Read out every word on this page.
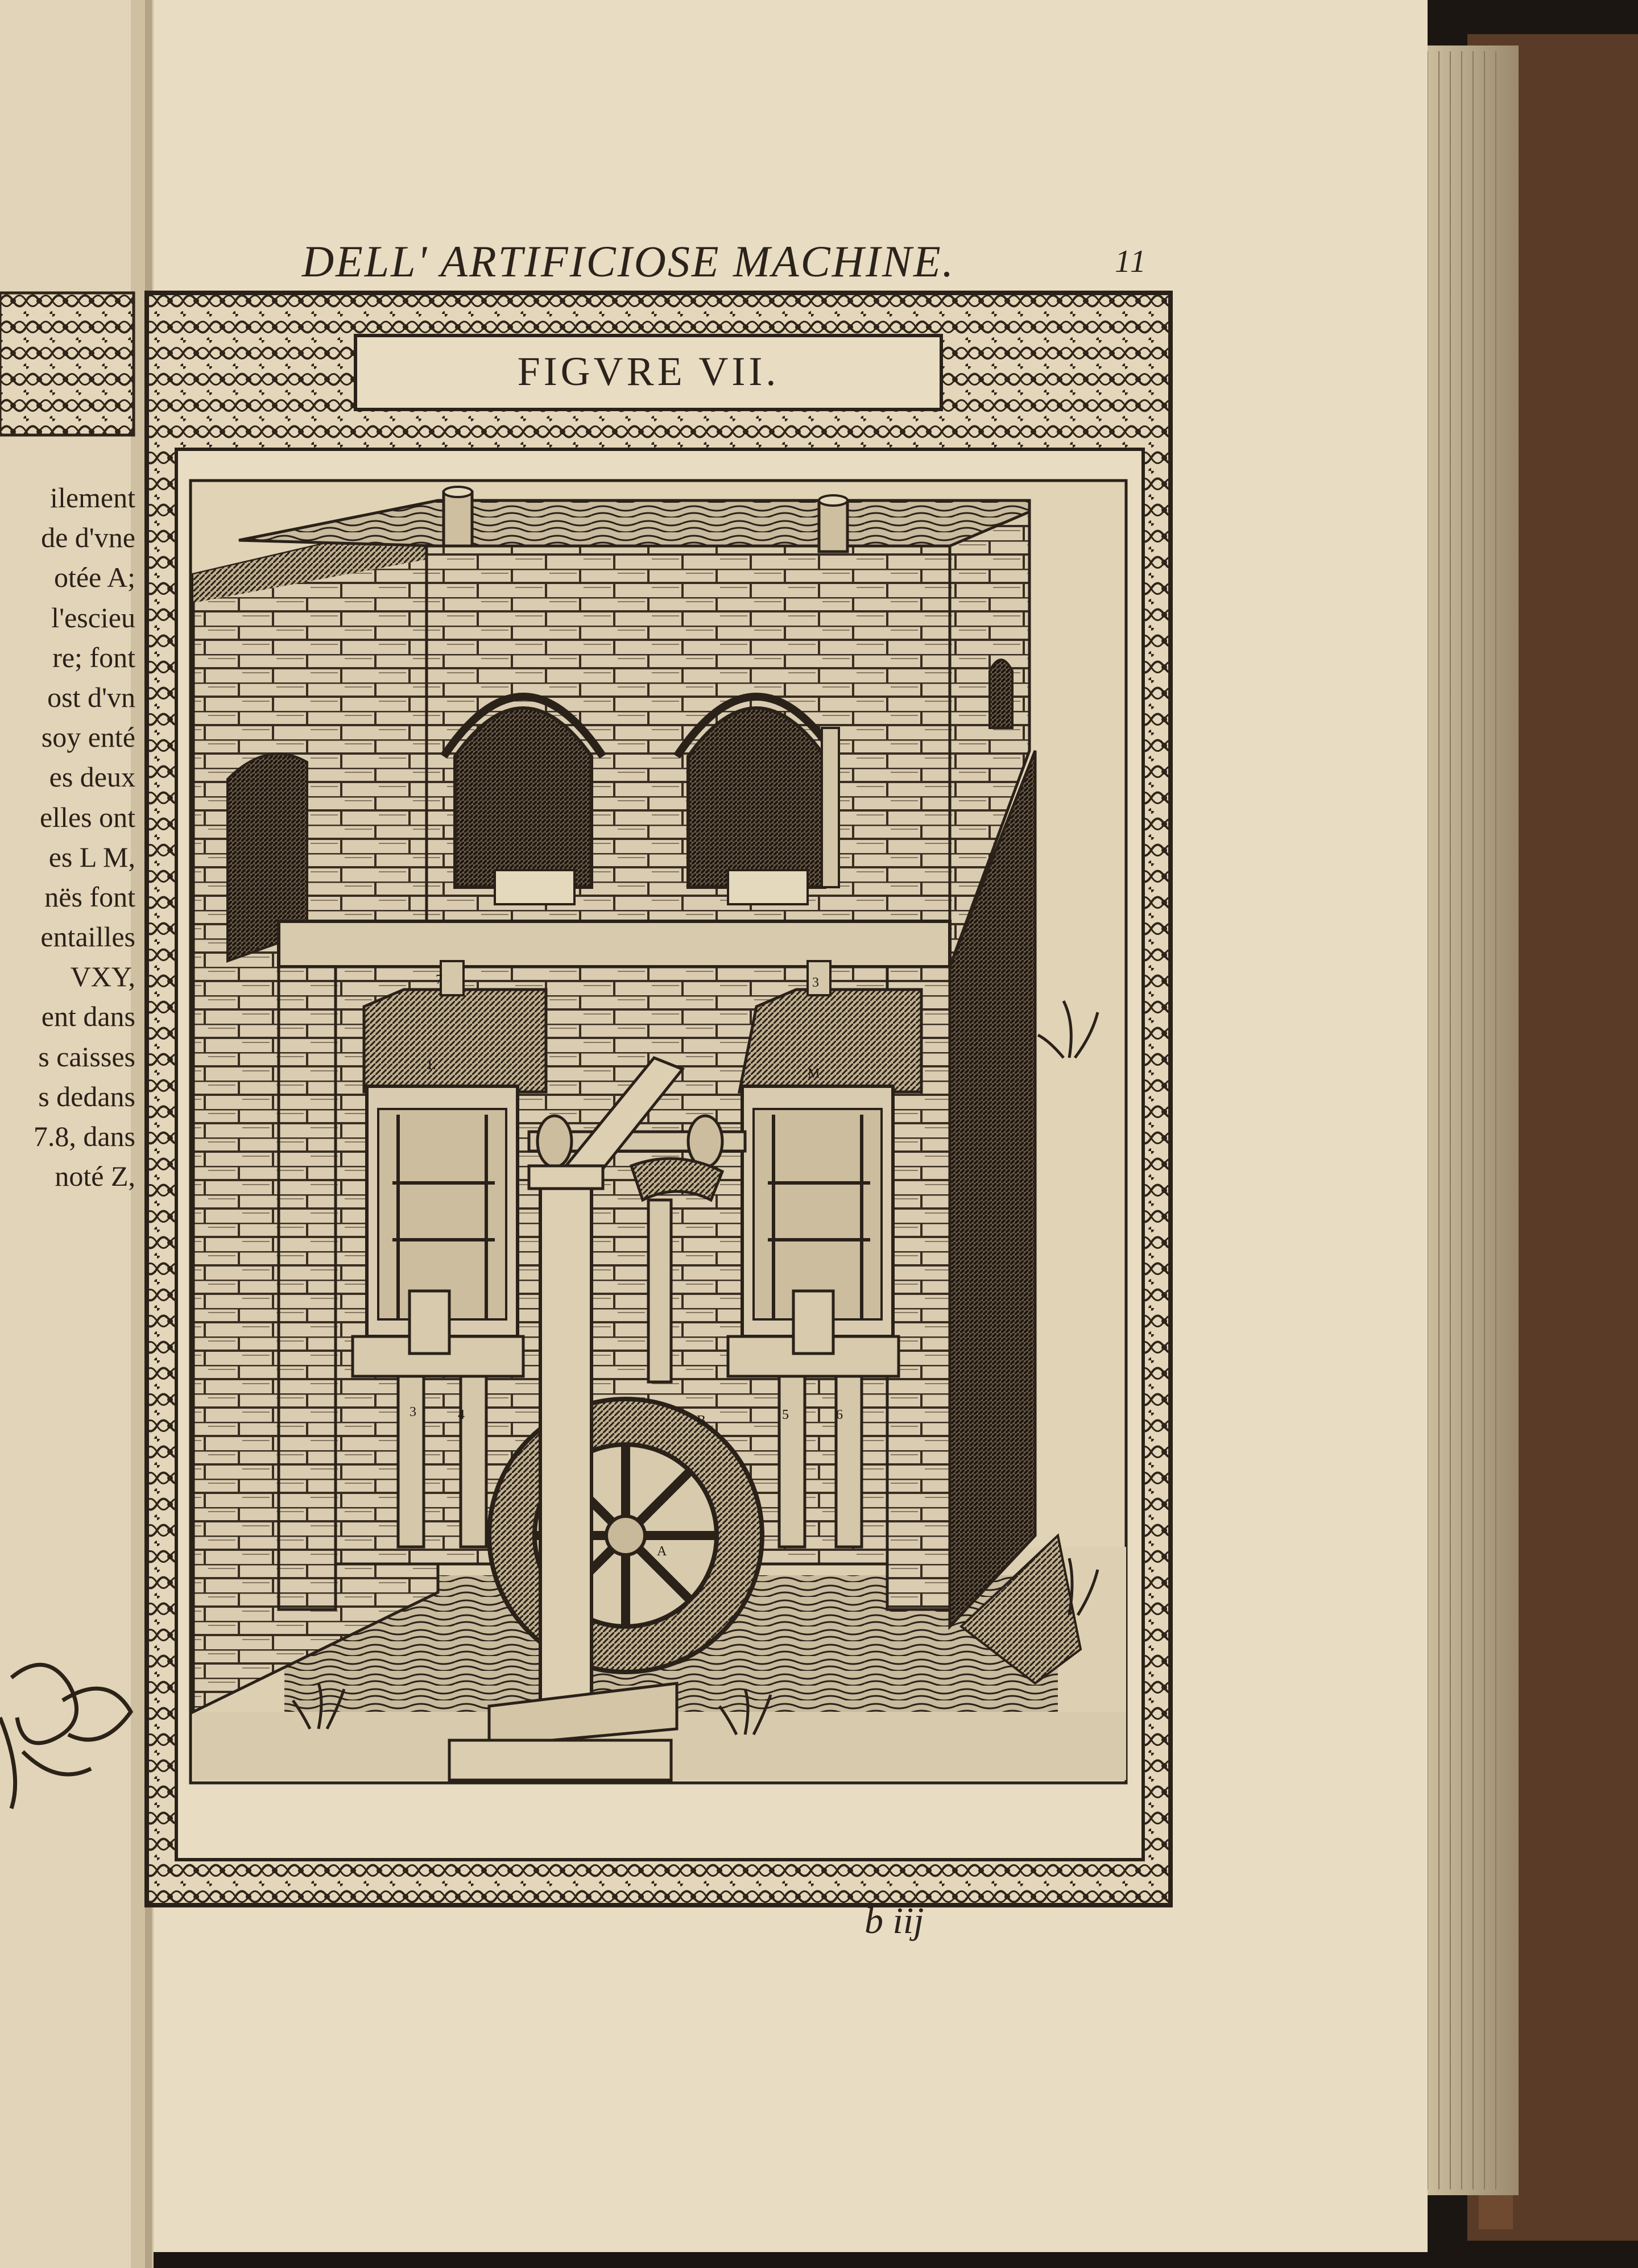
DELL' ARTIFICIOSE MACHINE.	11
FIGVRE VII.
b iij
ilement
de d'vne
otée A;
l'escieu
re; font
ost d'vn
soy enté
es deux
elles ont
es L M,
nës font
entailles
VXY,
ent dans
s caisses
s dedans
7.8, dans
noté Z,
L
M
7	3
3	4	5	6
A
B
